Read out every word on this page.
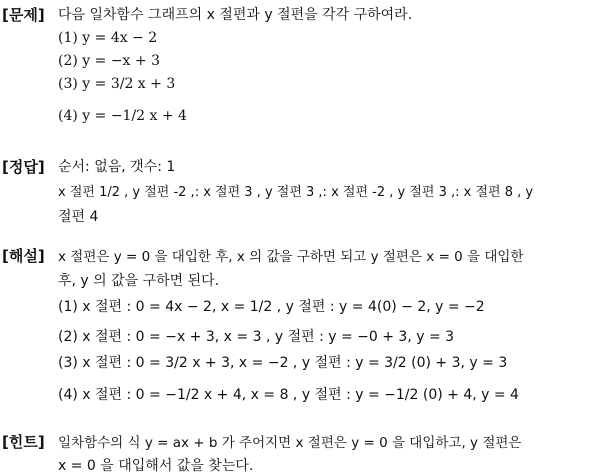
[문제] 다음 일차함수 그래프의 x 절편과 y 절편을 각각 구하여라.
(1) y = 4x − 2
(2) y = −x + 3
(3) y = 3/2 x + 3
(4) y = −1/2 x + 4
[정답] 순서: 없음, 갯수: 1
x 절편 1/2 , y 절편 -2 ,: x 절편 3 , y 절편 3 ,: x 절편 -2 , y 절편 3 ,: x 절편 8 , y
절편 4
[해설] x 절편은 y = 0 을 대입한 후, x 의 값을 구하면 되고 y 절편은 x = 0 을 대입한
후, y 의 값을 구하면 된다.
(1) x 절편 : 0 = 4x − 2, x = 1/2 , y 절편 : y = 4(0) − 2, y = −2
(2) x 절편 : 0 = −x + 3, x = 3 , y 절편 : y = −0 + 3, y = 3
(3) x 절편 : 0 = 3/2 x + 3, x = −2 , y 절편 : y = 3/2 (0) + 3, y = 3
(4) x 절편 : 0 = −1/2 x + 4, x = 8 , y 절편 : y = −1/2 (0) + 4, y = 4
[힌트] 일차함수의 식 y = ax + b 가 주어지면 x 절편은 y = 0 을 대입하고, y 절편은
x = 0 을 대입해서 값을 찾는다.
